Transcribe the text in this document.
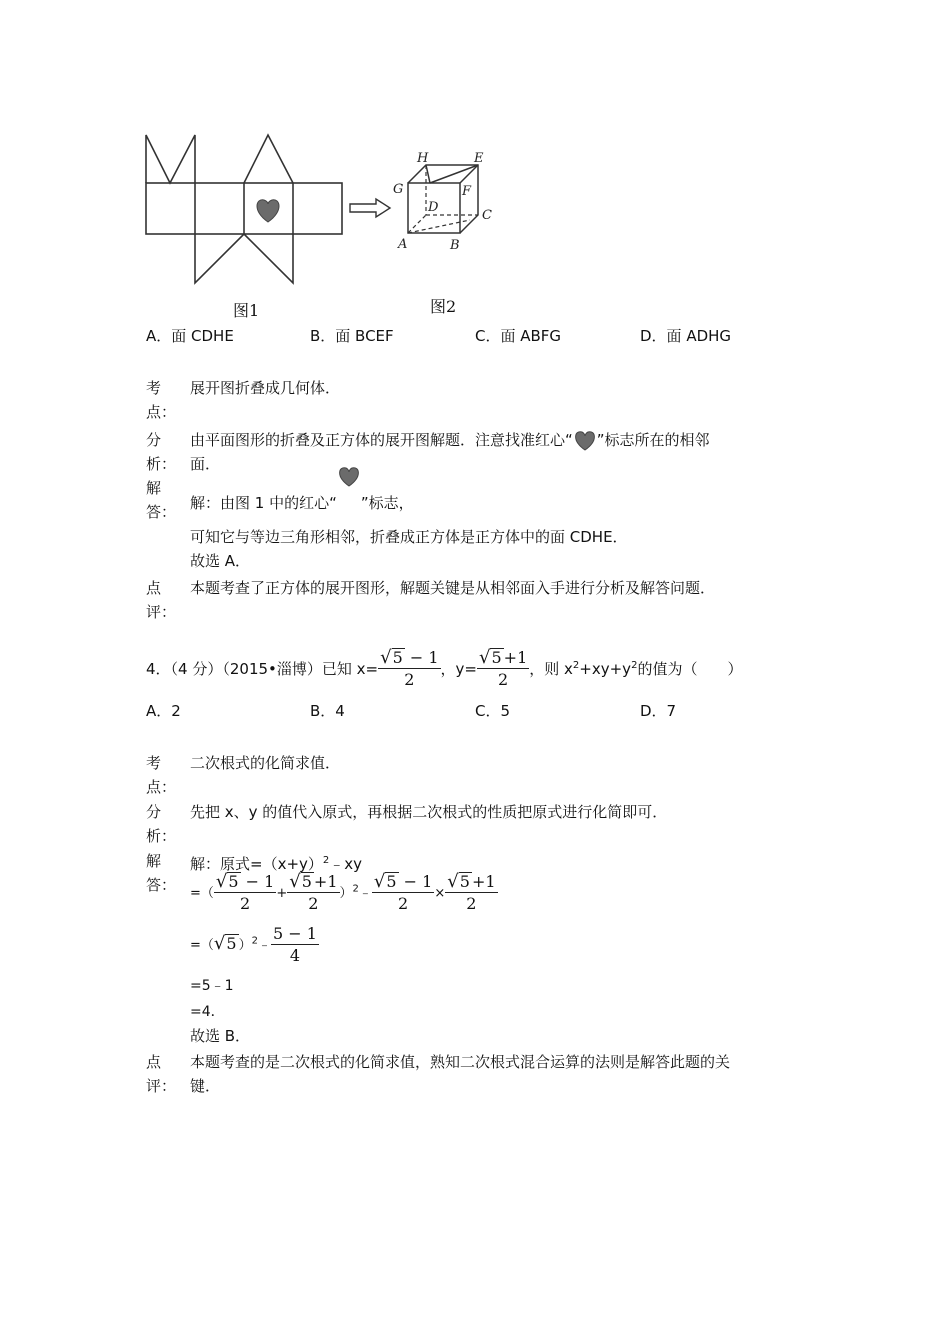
图1
H	E
G	F
D
C
A	B
图2
A．面 CDHE	B．面 BCEF	C．面 ABFG	D．面 ADHG
考
点：
展开图折叠成几何体．
分
析：
由平面图形的折叠及正方体的展开图解题．注意找准红心“ ”标志所在的相邻
面．
解
答： 解：由图 1 中的红心“ ”标志，
可知它与等边三角形相邻，折叠成正方体是正方体中的面 CDHE．
故选 A．
点
评：
本题考查了正方体的展开图形，解题关键是从相邻面入手进行分析及解答问题．
4．（4 分）（2015•淄博）已知 $x= \frac{√5 - 1}{2}$ ，$y= \frac{√5 +1}{2}$ ，则 $x^2+xy+y^2$的值为（　　）
A．2	B．4	C．5	D．7
考
点：
二次根式的化简求值．
分
析：
先把 x、y 的值代入原式，再根据二次根式的性质把原式进行化简即可．
解
答：
解：原式$=(x+y)^2﹣xy$
=（ $\frac{√5 - 1}{2} + \frac{√5 +1}{2}$ ）$^2$﹣ $\frac{√5 - 1}{2} \times \frac{√5 +1}{2}$
=（√5 ）$^2$﹣ $\frac{5 - 1}{4}$
=5﹣1
=4．
故选 B．
点
评：
本题考查的是二次根式的化简求值，熟知二次根式混合运算的法则是解答此题的关
键．
